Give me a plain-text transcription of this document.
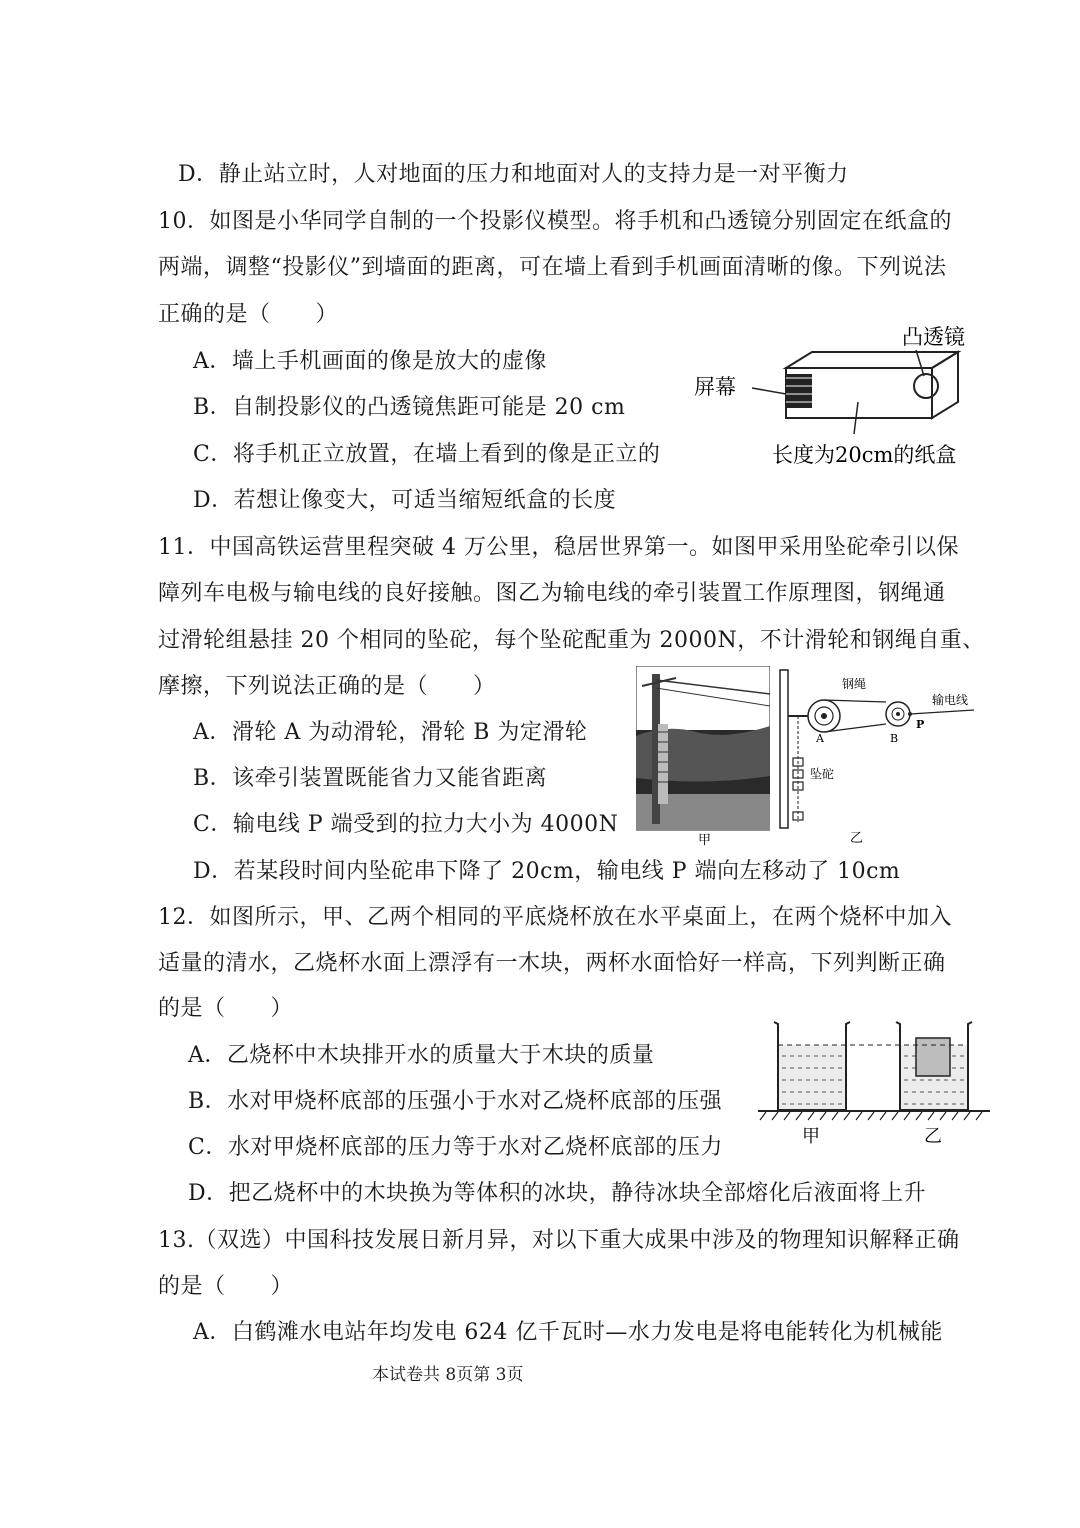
D．静止站立时，人对地面的压力和地面对人的支持力是一对平衡力
10．如图是小华同学自制的一个投影仪模型。将手机和凸透镜分别固定在纸盒的
两端，调整“投影仪”到墙面的距离，可在墙上看到手机画面清晰的像。下列说法
正确的是（　　）
A．墙上手机画面的像是放大的虚像
B．自制投影仪的凸透镜焦距可能是 20 cm
C．将手机正立放置，在墙上看到的像是正立的
D．若想让像变大，可适当缩短纸盒的长度
凸透镜
屏幕
长度为20cm的纸盒
11．中国高铁运营里程突破 4 万公里，稳居世界第一。如图甲采用坠砣牵引以保
障列车电极与输电线的良好接触。图乙为输电线的牵引装置工作原理图，钢绳通
过滑轮组悬挂 20 个相同的坠砣，每个坠砣配重为 2000N，不计滑轮和钢绳自重、
摩擦，下列说法正确的是（　　）
A．滑轮 A 为动滑轮，滑轮 B 为定滑轮
B．该牵引装置既能省力又能省距离
C．输电线 P 端受到的拉力大小为 4000N
D．若某段时间内坠砣串下降了 20cm，输电线 P 端向左移动了 10cm
甲
钢绳
输电线
A	B
P
坠砣
乙
12．如图所示，甲、乙两个相同的平底烧杯放在水平桌面上，在两个烧杯中加入
适量的清水，乙烧杯水面上漂浮有一木块，两杯水面恰好一样高，下列判断正确
的是（　　）
A．乙烧杯中木块排开水的质量大于木块的质量
B．水对甲烧杯底部的压强小于水对乙烧杯底部的压强
C．水对甲烧杯底部的压力等于水对乙烧杯底部的压力
D．把乙烧杯中的木块换为等体积的冰块，静待冰块全部熔化后液面将上升
甲	乙
13.（双选）中国科技发展日新月异，对以下重大成果中涉及的物理知识解释正确
的是（　　）
A．白鹤滩水电站年均发电 624 亿千瓦时—水力发电是将电能转化为机械能
本试卷共 8页第 3页
